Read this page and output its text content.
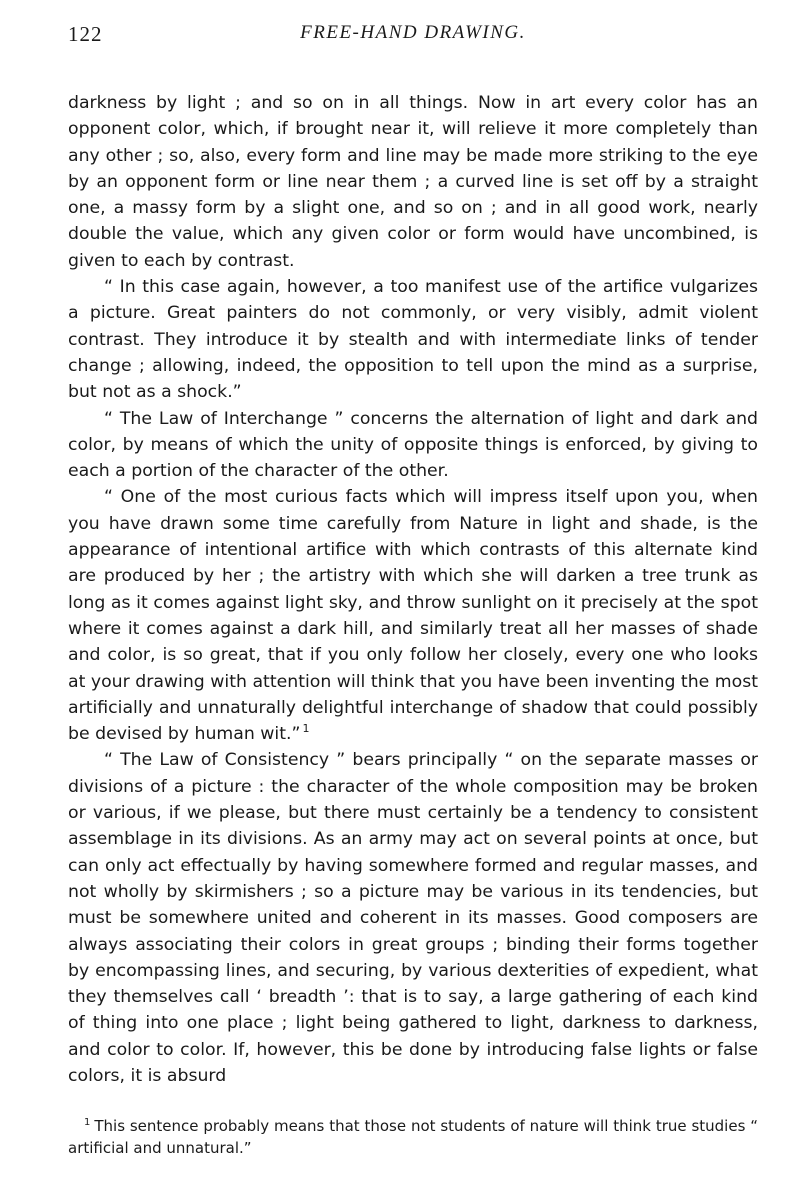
122	FREE-HAND DRAWING.

darkness by light ; and so on in all things. Now in art every color has an opponent color, which, if brought near it, will relieve it more completely than any other ; so, also, every form and line may be made more striking to the eye by an opponent form or line near them ; a curved line is set off by a straight one, a massy form by a slight one, and so on ; and in all good work, nearly double the value, which any given color or form would have uncombined, is given to each by contrast.

“ In this case again, however, a too manifest use of the artifice vulgarizes a picture. Great painters do not commonly, or very visibly, admit violent contrast. They introduce it by stealth and with intermediate links of tender change ; allowing, indeed, the opposition to tell upon the mind as a surprise, but not as a shock.”

“ The Law of Interchange ” concerns the alternation of light and dark and color, by means of which the unity of opposite things is enforced, by giving to each a portion of the character of the other.

“ One of the most curious facts which will impress itself upon you, when you have drawn some time carefully from Nature in light and shade, is the appearance of intentional artifice with which contrasts of this alternate kind are produced by her ; the artistry with which she will darken a tree trunk as long as it comes against light sky, and throw sunlight on it precisely at the spot where it comes against a dark hill, and similarly treat all her masses of shade and color, is so great, that if you only follow her closely, every one who looks at your drawing with attention will think that you have been inventing the most artificially and unnaturally delightful interchange of shadow that could possibly be devised by human wit.” $^1$

“ The Law of Consistency ” bears principally “ on the separate masses or divisions of a picture : the character of the whole composition may be broken or various, if we please, but there must certainly be a tendency to consistent assemblage in its divisions. As an army may act on several points at once, but can only act effectually by having somewhere formed and regular masses, and not wholly by skirmishers ; so a picture may be various in its tendencies, but must be somewhere united and coherent in its masses. Good composers are always associating their colors in great groups ; binding their forms together by encompassing lines, and securing, by various dexterities of expedient, what they themselves call ‘ breadth ’: that is to say, a large gathering of each kind of thing into one place ; light being gathered to light, darkness to darkness, and color to color. If, however, this be done by introducing false lights or false colors, it is absurd

$^1$ This sentence probably means that those not students of nature will think true studies “ artificial and unnatural.”
